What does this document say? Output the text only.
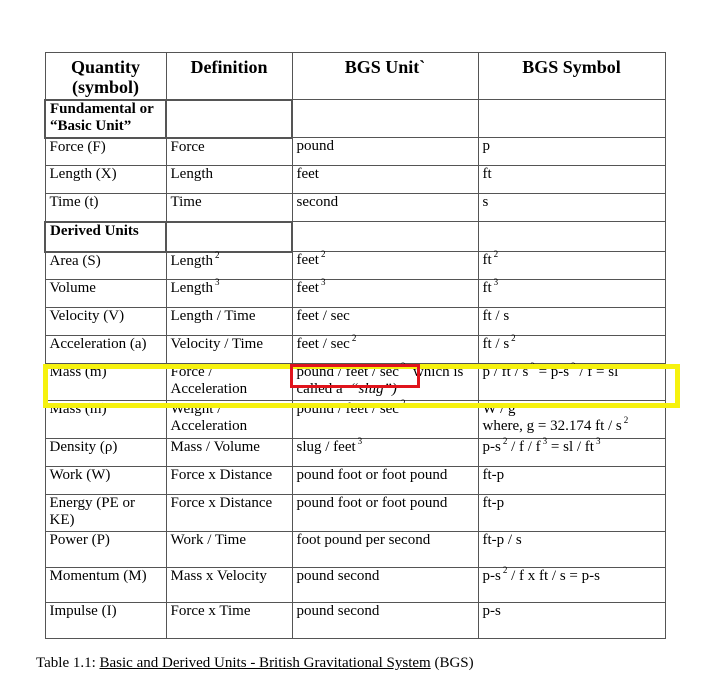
Quantity (symbol)	Definition	BGS Unit`	BGS Symbol
Fundamental or “Basic Unit”			
Force (F)	Force	pound	p
Length (X)	Length	feet	ft
Time (t)	Time	second	s
Derived Units			
Area (S)	Length $^2$	feet $^2$	ft $^2$
Volume	Length $^3$	feet $^3$	ft $^3$
Velocity (V)	Length / Time	feet / sec	ft / s
Acceleration (a)	Velocity / Time	feet / sec $^2$	ft / s $^2$
Mass (m)	Force / Acceleration	pound / feet / sec $^2$ which is called a “slug”)	p / ft / s $^2$ = p-s $^2$ / f = sl
Mass (m)	Weight / Acceleration	pound / feet / sec $^2$	W / g
where, g = 32.174 ft / s $^2$
Density (ρ)	Mass / Volume	slug / feet $^3$	p-s $^2$ / f / f $^3$ = sl / ft $^3$
Work (W)	Force x Distance	pound foot or foot pound	ft-p
Energy (PE or KE)	Force x Distance	pound foot or foot pound	ft-p
Power (P)	Work / Time	foot pound per second	ft-p / s
Momentum (M)	Mass x Velocity	pound second	p-s $^2$ / f x ft / s = p-s
Impulse (I)	Force x Time	pound second	p-s
Table 1.1: Basic and Derived Units - British Gravitational System (BGS)
